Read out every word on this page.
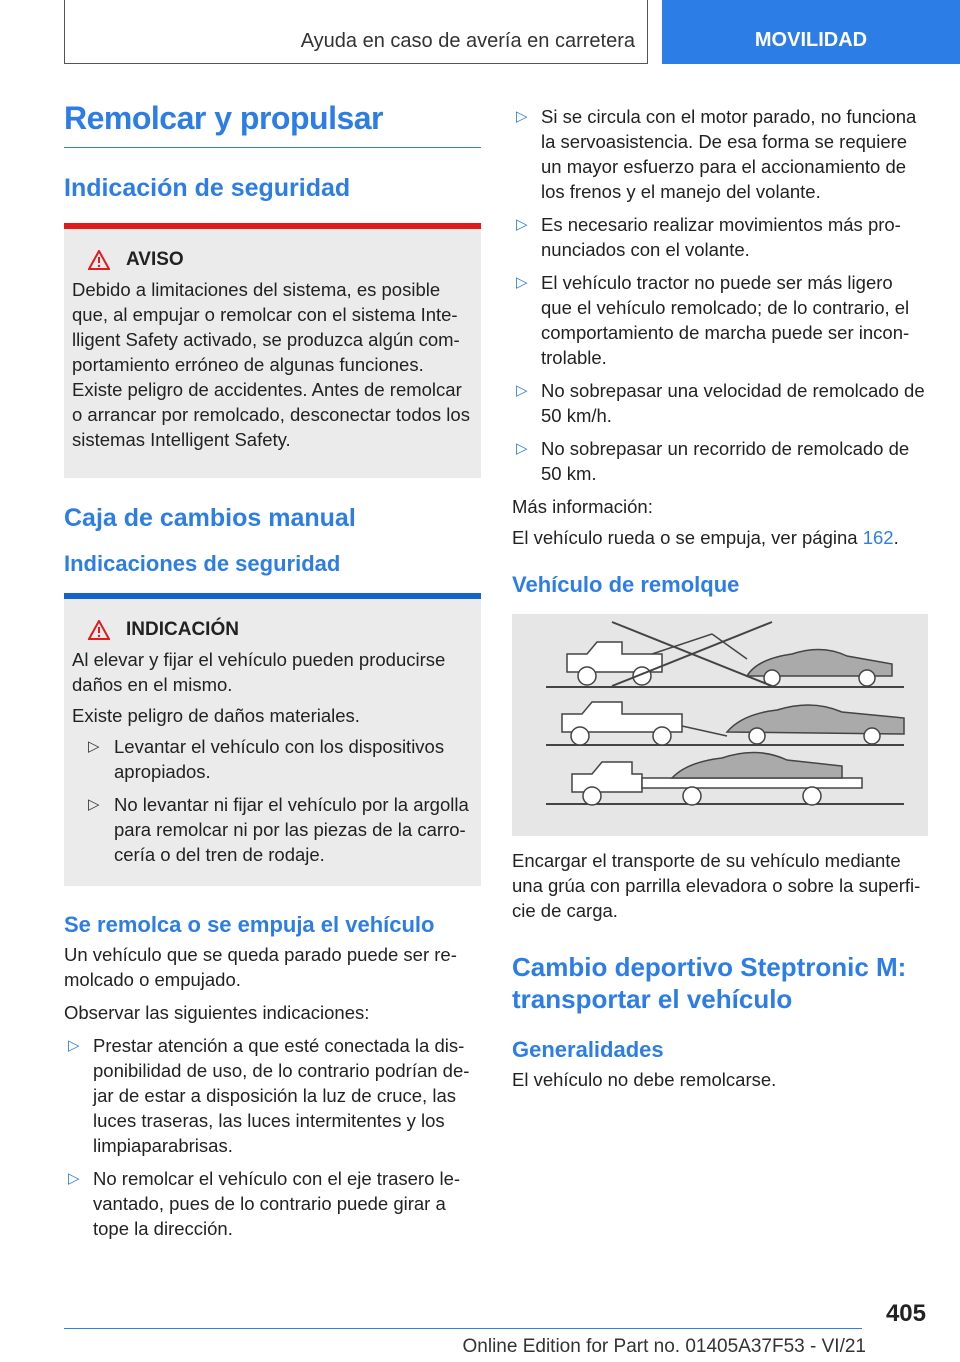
Ayuda en caso de avería en carretera	MOVILIDAD
Remolcar y propulsar
Indicación de seguridad
AVISO

Debido a limitaciones del sistema, es posible que, al empujar o remolcar con el sistema Inte‐ lligent Safety activado, se produzca algún com‐ portamiento erróneo de algunas funciones. Existe peligro de accidentes. Antes de remolcar o arrancar por remolcado, desconectar todos los sistemas Intelligent Safety.

Caja de cambios manual
Indicaciones de seguridad
INDICACIÓN

Al elevar y fijar el vehículo pueden producirse daños en el mismo.

Existe peligro de daños materiales.

▷ Levantar el vehículo con los dispositivos apropiados.
▷ No levantar ni fijar el vehículo por la argolla para remolcar ni por las piezas de la carro‐ cería o del tren de rodaje.
Se remolca o se empuja el vehículo

Un vehículo que se queda parado puede ser re‐ molcado o empujado.

Observar las siguientes indicaciones:

▷ Prestar atención a que esté conectada la dis‐ ponibilidad de uso, de lo contrario podrían de‐ jar de estar a disposición la luz de cruce, las luces traseras, las luces intermitentes y los limpiaparabrisas.
▷ No remolcar el vehículo con el eje trasero le‐ vantado, pues de lo contrario puede girar a tope la dirección.
▷ Si se circula con el motor parado, no funciona la servoasistencia. De esa forma se requiere un mayor esfuerzo para el accionamiento de los frenos y el manejo del volante.
▷ Es necesario realizar movimientos más pro‐ nunciados con el volante.
▷ El vehículo tractor no puede ser más ligero que el vehículo remolcado; de lo contrario, el comportamiento de marcha puede ser incon‐ trolable.
▷ No sobrepasar una velocidad de remolcado de 50 km/h.
▷ No sobrepasar un recorrido de remolcado de 50 km.

Más información:

El vehículo rueda o se empuja, ver página 162.

Vehículo de remolque

Encargar el transporte de su vehículo mediante una grúa con parrilla elevadora o sobre la superfi‐ cie de carga.

Cambio deportivo Steptronic M: transportar el vehículo
Generalidades

El vehículo no debe remolcarse.

405
Online Edition for Part no. 01405A37F53 - VI/21
